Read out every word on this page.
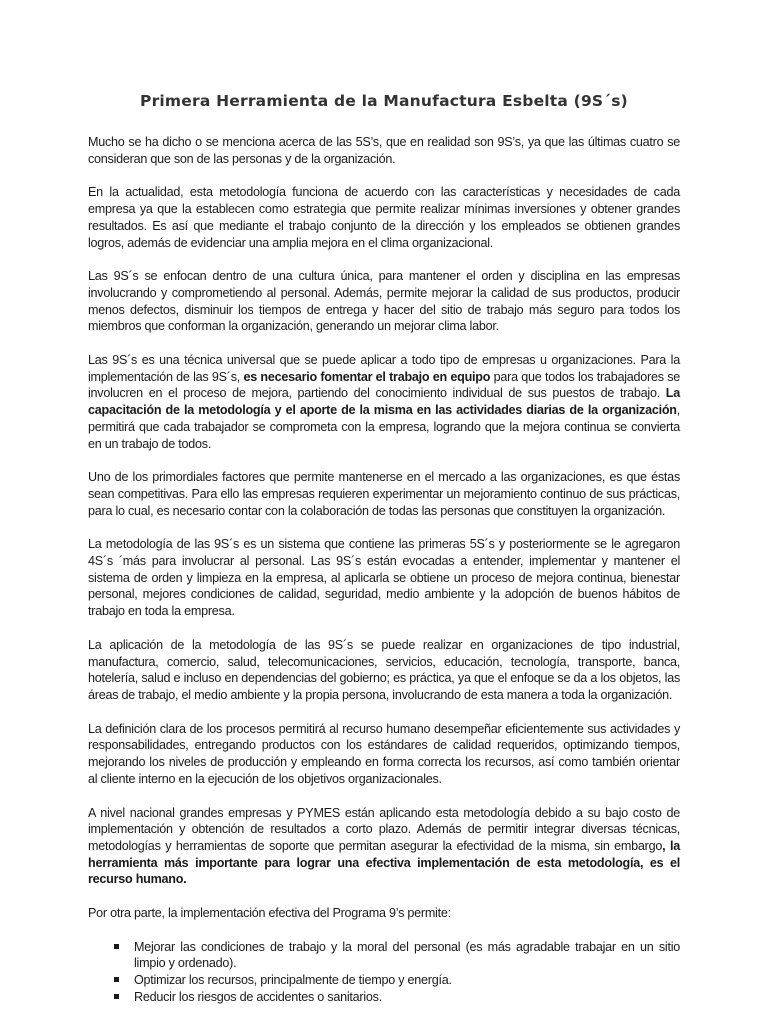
Primera Herramienta de la Manufactura Esbelta (9S´s)

Mucho se ha dicho o se menciona acerca de las 5S’s, que en realidad son 9S’s, ya que las últimas cuatro se consideran que son de las personas y de la organización.

En la actualidad, esta metodología funciona de acuerdo con las características y necesidades de cada empresa ya que la establecen como estrategia que permite realizar mínimas inversiones y obtener grandes resultados. Es así que mediante el trabajo conjunto de la dirección y los empleados se obtienen grandes logros, además de evidenciar una amplia mejora en el clima organizacional.

Las 9S´s se enfocan dentro de una cultura única, para mantener el orden y disciplina en las empresas involucrando y comprometiendo al personal. Además, permite mejorar la calidad de sus productos, producir menos defectos, disminuir los tiempos de entrega y hacer del sitio de trabajo más seguro para todos los miembros que conforman la organización, generando un mejorar clima labor.

Las 9S´s es una técnica universal que se puede aplicar a todo tipo de empresas u organizaciones. Para la implementación de las 9S´s, es necesario fomentar el trabajo en equipo para que todos los trabajadores se involucren en el proceso de mejora, partiendo del conocimiento individual de sus puestos de trabajo. La capacitación de la metodología y el aporte de la misma en las actividades diarias de la organización, permitirá que cada trabajador se comprometa con la empresa, logrando que la mejora continua se convierta en un trabajo de todos.

Uno de los primordiales factores que permite mantenerse en el mercado a las organizaciones, es que éstas sean competitivas. Para ello las empresas requieren experimentar un mejoramiento continuo de sus prácticas, para lo cual, es necesario contar con la colaboración de todas las personas que constituyen la organización.

La metodología de las 9S´s es un sistema que contiene las primeras 5S´s y posteriormente se le agregaron 4S´s ´más para involucrar al personal. Las 9S´s están evocadas a entender, implementar y mantener el sistema de orden y limpieza en la empresa, al aplicarla se obtiene un proceso de mejora continua, bienestar personal, mejores condiciones de calidad, seguridad, medio ambiente y la adopción de buenos hábitos de trabajo en toda la empresa.

La aplicación de la metodología de las 9S´s se puede realizar en organizaciones de tipo industrial, manufactura, comercio, salud, telecomunicaciones, servicios, educación, tecnología, transporte, banca, hotelería, salud e incluso en dependencias del gobierno; es práctica, ya que el enfoque se da a los objetos, las áreas de trabajo, el medio ambiente y la propia persona, involucrando de esta manera a toda la organización.

La definición clara de los procesos permitirá al recurso humano desempeñar eficientemente sus actividades y responsabilidades, entregando productos con los estándares de calidad requeridos, optimizando tiempos, mejorando los niveles de producción y empleando en forma correcta los recursos, así como también orientar al cliente interno en la ejecución de los objetivos organizacionales.

A nivel nacional grandes empresas y PYMES están aplicando esta metodología debido a su bajo costo de implementación y obtención de resultados a corto plazo. Además de permitir integrar diversas técnicas, metodologías y herramientas de soporte que permitan asegurar la efectividad de la misma, sin embargo, la herramienta más importante para lograr una efectiva implementación de esta metodología, es el recurso humano.

Por otra parte, la implementación efectiva del Programa 9’s permite:

Mejorar las condiciones de trabajo y la moral del personal (es más agradable trabajar en un sitio limpio y ordenado).
Optimizar los recursos, principalmente de tiempo y energía.
Reducir los riesgos de accidentes o sanitarios.
